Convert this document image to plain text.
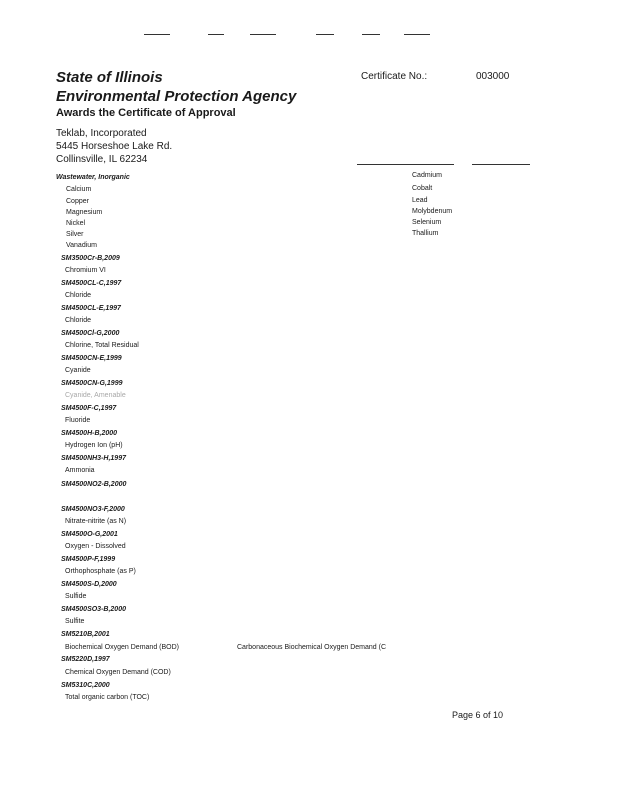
State of Illinois
Environmental Protection Agency
Awards the Certificate of Approval
Certificate No.:	003000
Teklab, Incorporated
5445 Horseshoe Lake Rd.
Collinsville, IL 62234
Wastewater, Inorganic
Calcium
Copper
Magnesium
Nickel
Silver
Vanadium
Cadmium
Cobalt
Lead
Molybdenum
Selenium
Thallium
SM3500Cr-B,2009
Chromium VI
SM4500CL-C,1997
Chloride
SM4500CL-E,1997
Chloride
SM4500Cl-G,2000
Chlorine, Total Residual
SM4500CN-E,1999
Cyanide
SM4500CN-G,1999
Cyanide, Amenable
SM4500F-C,1997
Fluoride
SM4500H-B,2000
Hydrogen Ion (pH)
SM4500NH3-H,1997
Ammonia
SM4500NO2-B,2000
SM4500NO3-F,2000
Nitrate-nitrite (as N)
SM4500O-G,2001
Oxygen - Dissolved
SM4500P-F,1999
Orthophosphate (as P)
SM4500S-D,2000
Sulfide
SM4500SO3-B,2000
Sulfite
SM5210B,2001
Biochemical Oxygen Demand (BOD)	Carbonaceous Biochemical Oxygen Demand (C
SM5220D,1997
Chemical Oxygen Demand (COD)
SM5310C,2000
Total organic carbon (TOC)
Page 6 of 10
